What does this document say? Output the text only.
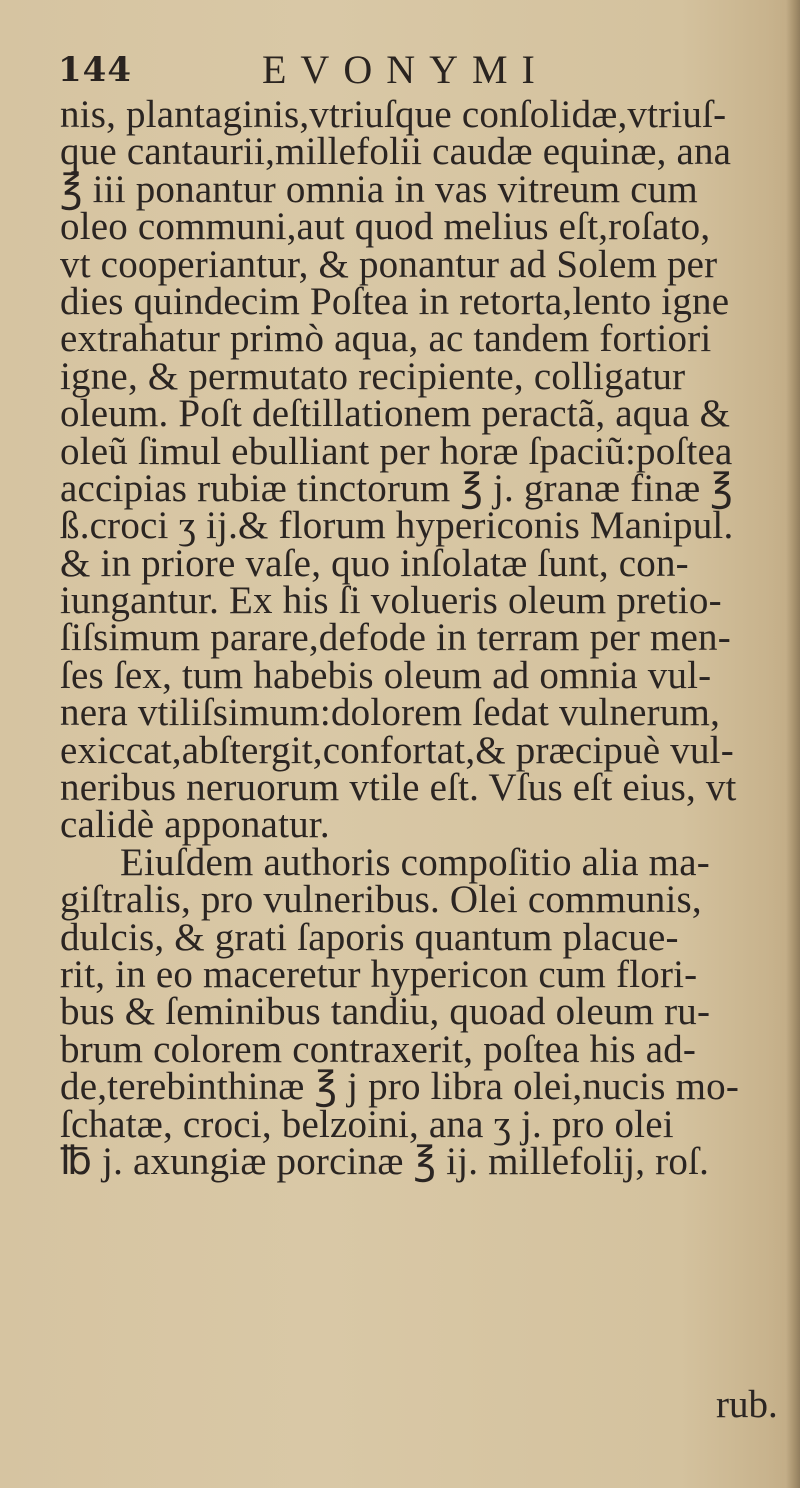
144	EVONYMI
nis, plantaginis,vtriuſque conſolidæ,vtriuſ-
que cantaurii,millefolii caudæ equinæ, ana
℥ iii ponantur omnia in vas vitreum cum
oleo communi,aut quod melius eſt,roſato,
vt cooperiantur, & ponantur ad Solem per
dies quindecim Poſtea in retorta,lento igne
extrahatur primò aqua, ac tandem fortiori
igne, & permutato recipiente, colligatur
oleum. Poſt deſtillationem peractã, aqua &
oleũ ſimul ebulliant per horæ ſpaciũ:poſtea
accipias rubiæ tinctorum ℥ j. granæ finæ ℥
ß.croci ʒ ij.& florum hypericonis Manipul.
& in priore vaſe, quo inſolatæ ſunt, con-
iungantur. Ex his ſi volueris oleum pretio-
ſiſsimum parare,defode in terram per men-
ſes ſex, tum habebis oleum ad omnia vul-
nera vtiliſsimum:dolorem ſedat vulnerum,
exiccat,abſtergit,confortat,& præcipuè vul-
neribus neruorum vtile eſt. Vſus eſt eius, vt
calidè apponatur.
Eiuſdem authoris compoſitio alia ma-
giſtralis, pro vulneribus. Olei communis,
dulcis, & grati ſaporis quantum placue-
rit, in eo maceretur hypericon cum flori-
bus & ſeminibus tandiu, quoad oleum ru-
brum colorem contraxerit, poſtea his ad-
de,terebinthinæ ℥ j pro libra olei,nucis mo-
ſchatæ, croci, belzoini, ana ʒ j. pro olei
℔ j. axungiæ porcinæ ℥ ij. millefolij, roſ.
rub.
